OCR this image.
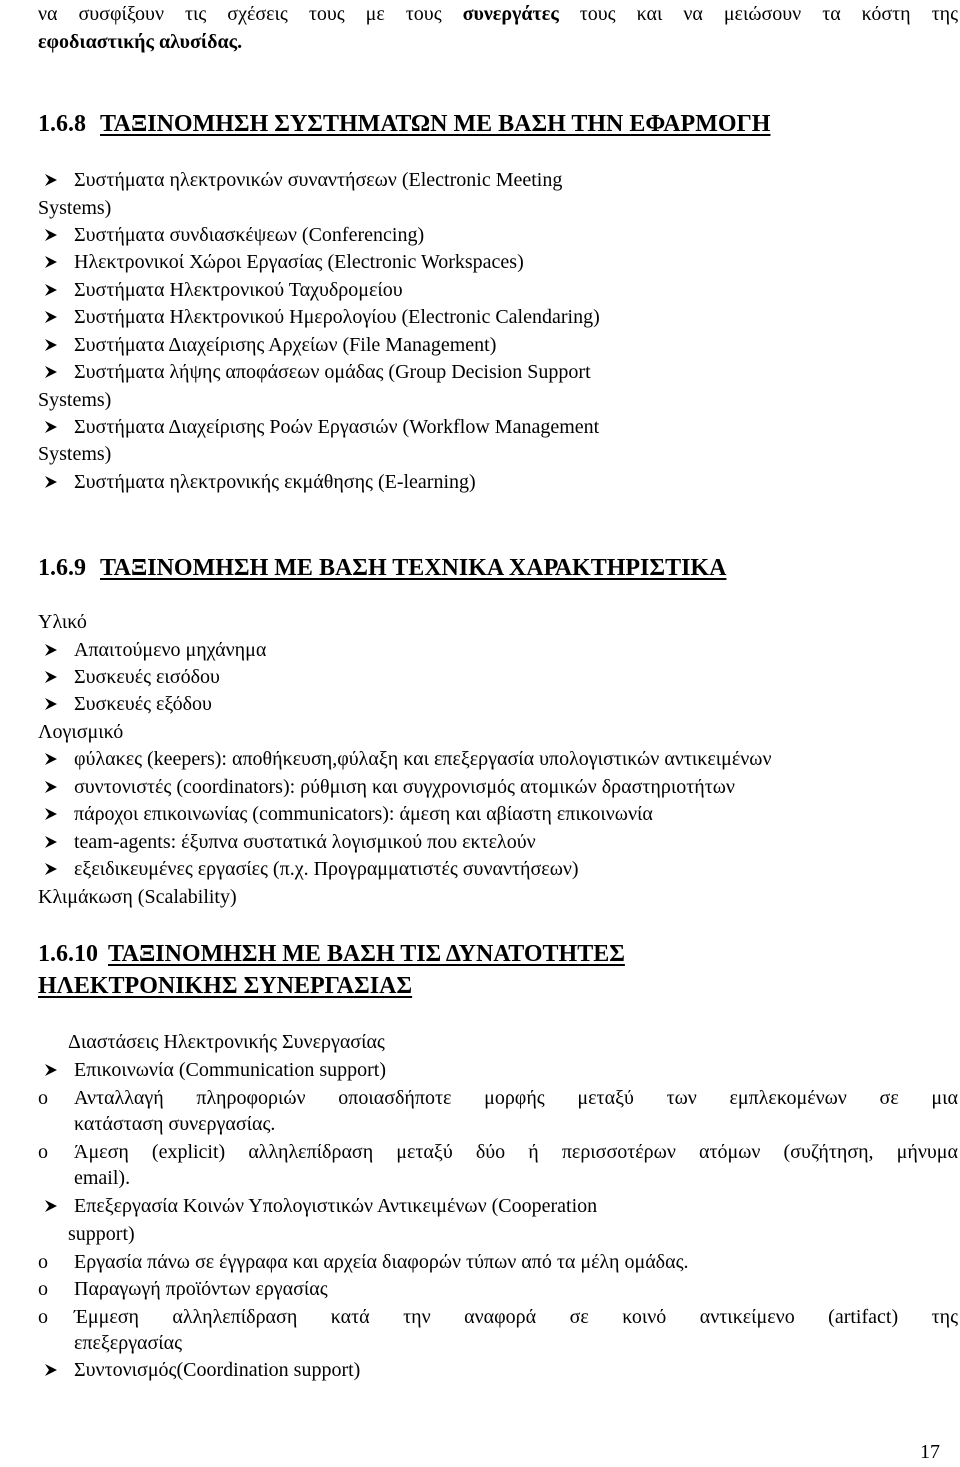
να συσφίξουν τις σχέσεις τους με τους συνεργάτες τους και να μειώσουν τα κόστη της
εφοδιαστικής αλυσίδας.
1.6.8 ΤΑΞΙΝΟΜΗΣΗ ΣΥΣΤΗΜΑΤΩΝ ΜΕ ΒΑΣΗ ΤΗΝ ΕΦΑΡΜΟΓΗ
Συστήματα ηλεκτρονικών συναντήσεων (Electronic Meeting
Systems)
Συστήματα συνδιασκέψεων (Conferencing)
Ηλεκτρονικοί Χώροι Εργασίας (Electronic Workspaces)
Συστήματα Ηλεκτρονικού Ταχυδρομείου
Συστήματα Ηλεκτρονικού Ημερολογίου (Electronic Calendaring)
Συστήματα Διαχείρισης Αρχείων (File Management)
Συστήματα λήψης αποφάσεων ομάδας (Group Decision Support
Systems)
Συστήματα Διαχείρισης Ροών Εργασιών (Workflow Management
Systems)
Συστήματα ηλεκτρονικής εκμάθησης (E-learning)
1.6.9 ΤΑΞΙΝΟΜΗΣΗ ΜΕ ΒΑΣΗ ΤΕΧΝΙΚΑ ΧΑΡΑΚΤΗΡΙΣΤΙΚΑ
Υλικό
Απαιτούμενο μηχάνημα
Συσκευές εισόδου
Συσκευές εξόδου
Λογισμικό
φύλακες (keepers): αποθήκευση,φύλαξη και επεξεργασία υπολογιστικών αντικειμένων
συντονιστές (coordinators): ρύθμιση και συγχρονισμός ατομικών δραστηριοτήτων
πάροχοι επικοινωνίας (communicators): άμεση και αβίαστη επικοινωνία
team-agents: έξυπνα συστατικά λογισμικού που εκτελούν
εξειδικευμένες εργασίες (π.χ. Προγραμματιστές συναντήσεων)
Κλιμάκωση (Scalability)
1.6.10 ΤΑΞΙΝΟΜΗΣΗ ΜΕ ΒΑΣΗ ΤΙΣ ΔΥΝΑΤΟΤΗΤΕΣ
ΗΛΕΚΤΡΟΝΙΚΗΣ ΣΥΝΕΡΓΑΣΙΑΣ
Διαστάσεις Ηλεκτρονικής Συνεργασίας
Επικοινωνία (Communication support)
o Ανταλλαγή πληροφοριών οποιασδήποτε μορφής μεταξύ των εμπλεκομένων σε μια
κατάσταση συνεργασίας.
o Άμεση (explicit) αλληλεπίδραση μεταξύ δύο ή περισσοτέρων ατόμων (συζήτηση, μήνυμα
email).
Επεξεργασία Κοινών Υπολογιστικών Αντικειμένων (Cooperation
support)
o Εργασία πάνω σε έγγραφα και αρχεία διαφορών τύπων από τα μέλη ομάδας.
o Παραγωγή προϊόντων εργασίας
o Έμμεση αλληλεπίδραση κατά την αναφορά σε κοινό αντικείμενο (artifact) της
επεξεργασίας
Συντονισμός(Coordination support)
17
